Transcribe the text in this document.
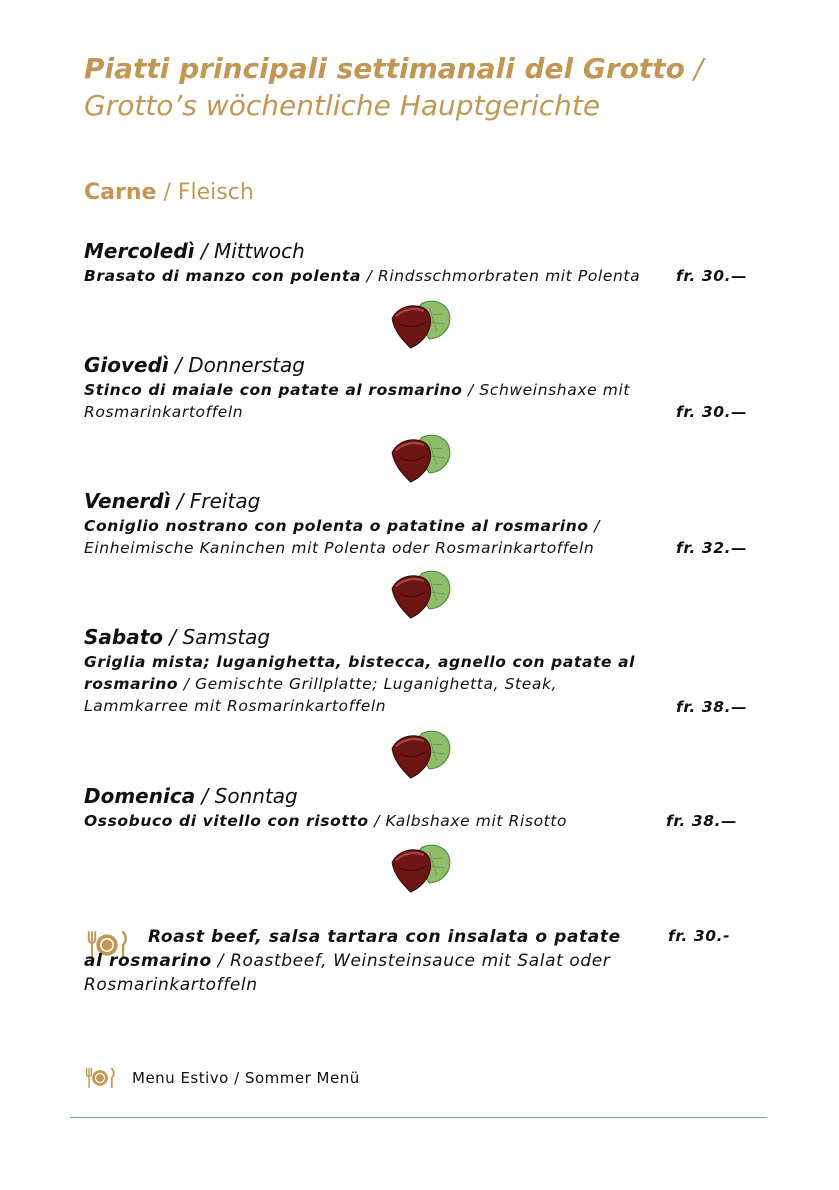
Piatti principali settimanali del Grotto /
Grotto’s wöchentliche Hauptgerichte
Carne / Fleisch
Mercoledì / Mittwoch
Brasato di manzo con polenta / Rindsschmorbraten mit Polenta	fr. 30.—
Giovedì / Donnerstag
Stinco di maiale con patate al rosmarino / Schweinshaxe mit Rosmarinkartoffeln	fr. 30.—
Venerdì / Freitag
Coniglio nostrano con polenta o patatine al rosmarino / Einheimische Kaninchen mit Polenta oder Rosmarinkartoffeln	fr. 32.—
Sabato / Samstag
Griglia mista; luganighetta, bistecca, agnello con patate al rosmarino / Gemischte Grillplatte; Luganighetta, Steak, Lammkarree mit Rosmarinkartoffeln	fr. 38.—
Domenica / Sonntag
Ossobuco di vitello con risotto / Kalbshaxe mit Risotto	fr. 38.—
Roast beef, salsa tartara con insalata o patate al rosmarino / Roastbeef, Weinsteinsauce mit Salat oder Rosmarinkartoffeln
fr. 30.-
Menu Estivo / Sommer Menü
